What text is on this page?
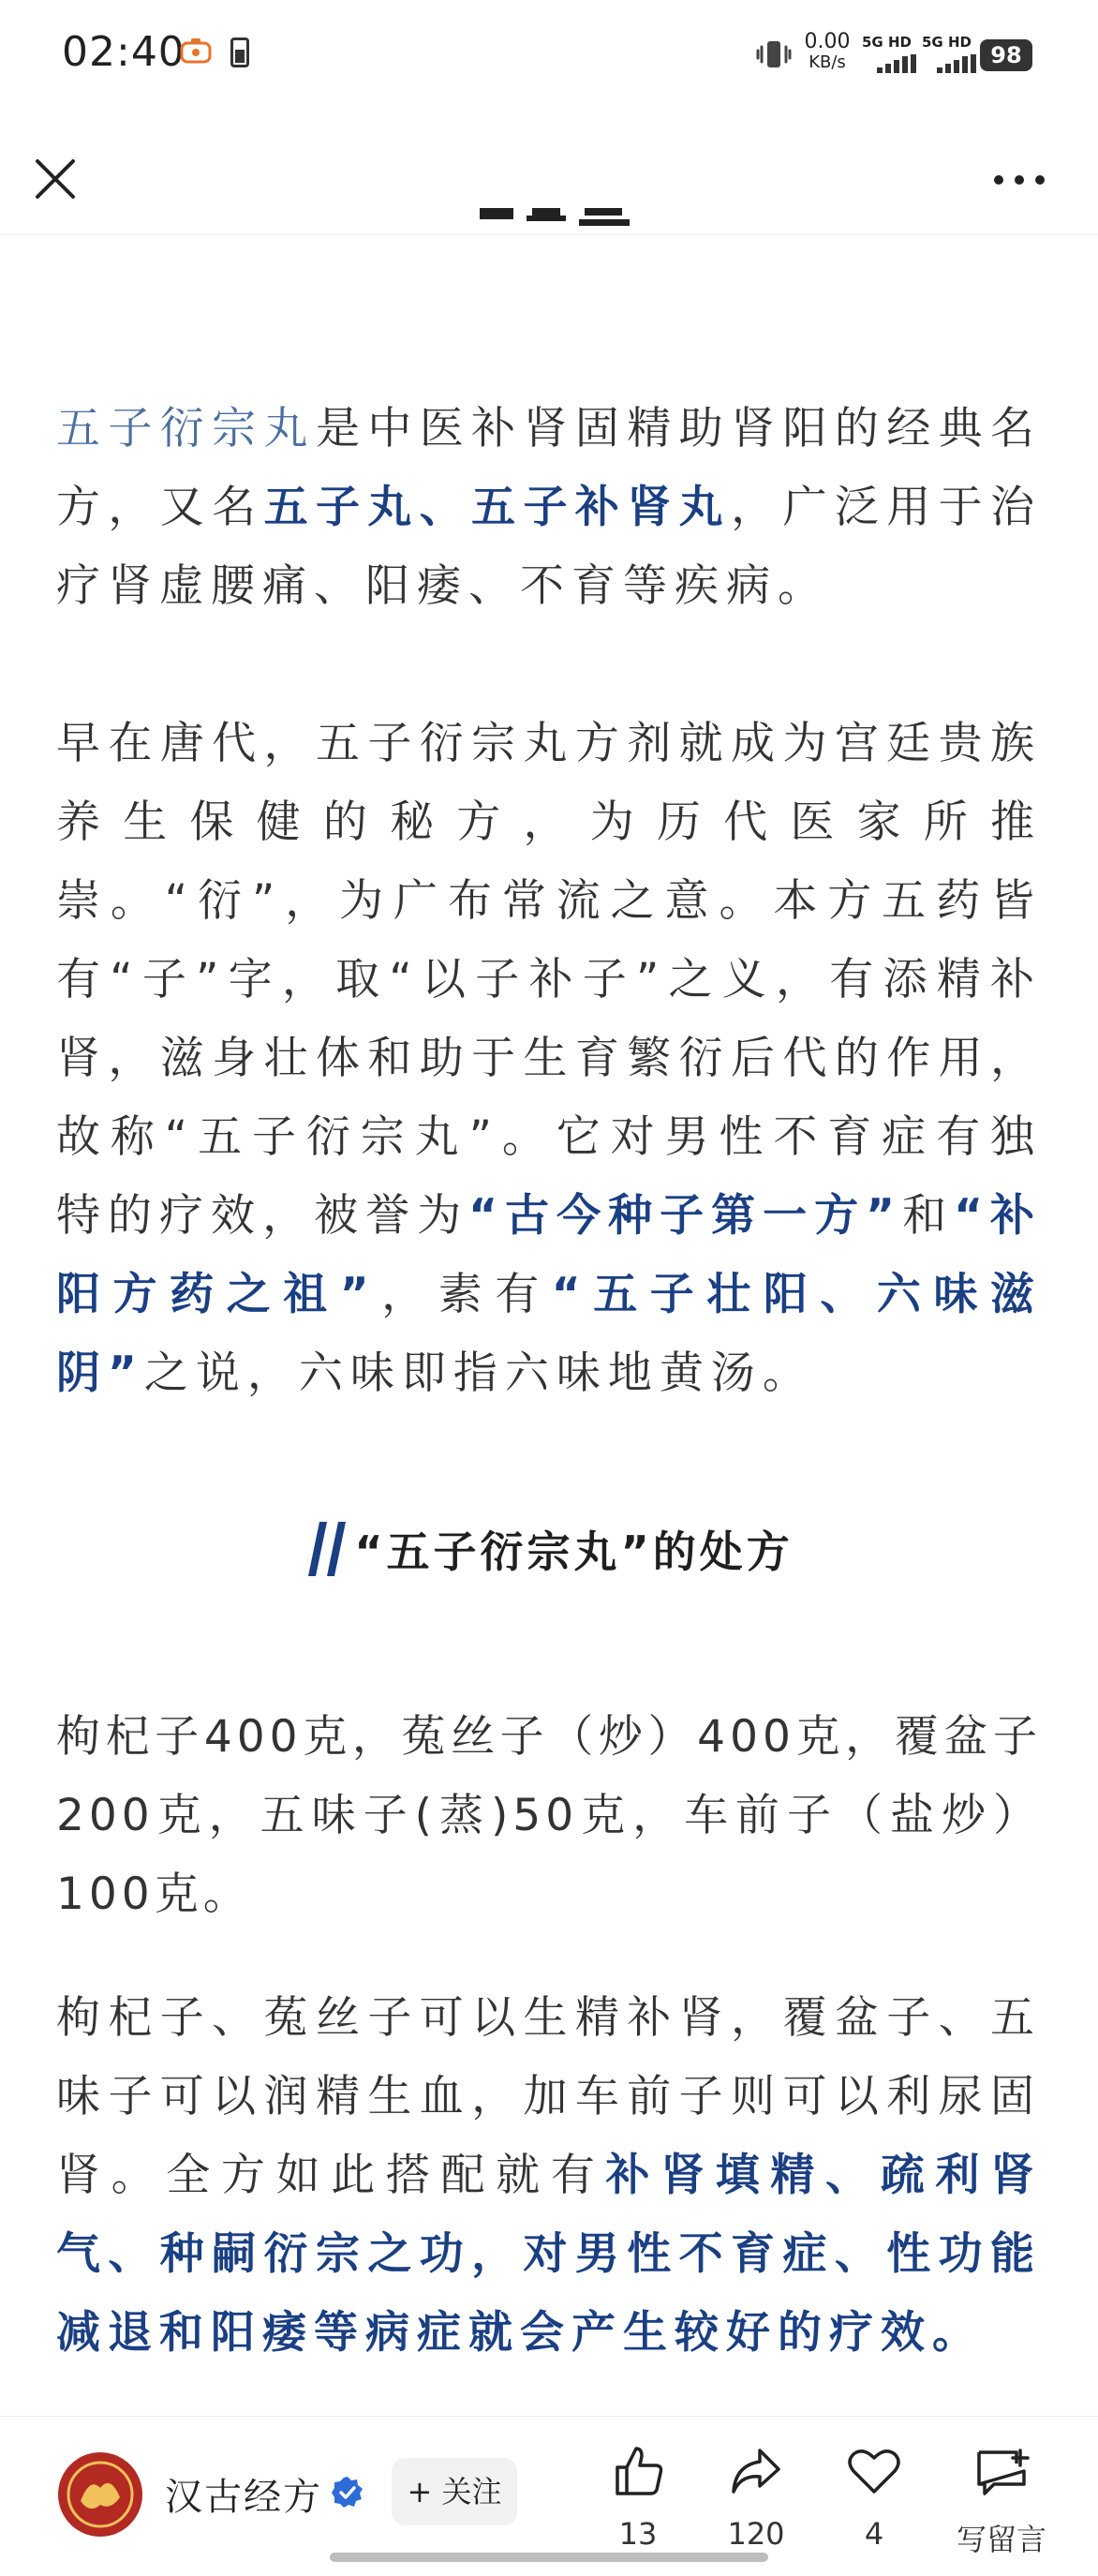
02:40	0.00
KB/s
5G HD 5G HD 98

五子衍宗丸是中医补肾固精助肾阳的经典名方，又名五子丸、五子补肾丸，广泛用于治疗肾虚腰痛、阳痿、不育等疾病。

早在唐代，五子衍宗丸方剂就成为宫廷贵族养生保健的秘方，为历代医家所推崇。“衍”，为广布常流之意。本方五药皆有“子”字，取“以子补子”之义，有添精补肾，滋身壮体和助于生育繁衍后代的作用，故称“五子衍宗丸”。它对男性不育症有独特的疗效，被誉为“古今种子第一方”和“补阳方药之祖”，素有“五子壮阳、六味滋阴”之说，六味即指六味地黄汤。

“五子衍宗丸”的处方

枸杞子400克，菟丝子（炒）400克，覆盆子200克，五味子(蒸)50克，车前子（盐炒）100克。

枸杞子、菟丝子可以生精补肾，覆盆子、五味子可以润精生血，加车前子则可以利尿固肾。全方如此搭配就有补肾填精、疏利肾气、种嗣衍宗之功，对男性不育症、性功能减退和阳痿等病症就会产生较好的疗效。

汉古经方	+ 关注
13	120	4	写留言
